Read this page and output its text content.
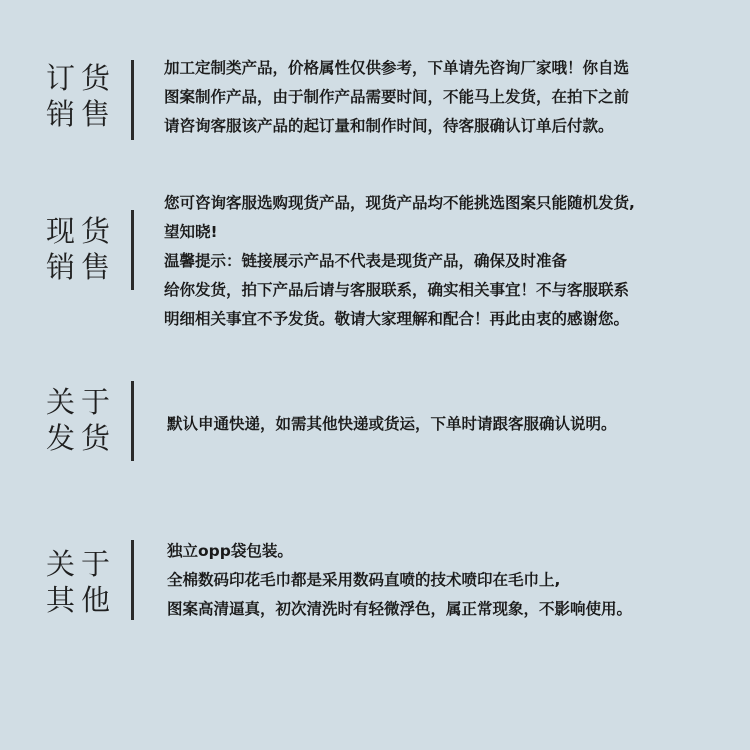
订货
销售

加工定制类产品，价格属性仅供参考，下单请先咨询厂家哦！你自选

图案制作产品，由于制作产品需要时间，不能马上发货，在拍下之前

请咨询客服该产品的起订量和制作时间，待客服确认订单后付款。

现货
销售

您可咨询客服选购现货产品，现货产品均不能挑选图案只能随机发货,

望知晓!

温馨提示：链接展示产品不代表是现货产品，确保及时准备

给你发货，拍下产品后请与客服联系，确实相关事宜！不与客服联系

明细相关事宜不予发货。敬请大家理解和配合！再此由衷的感谢您。

关于
发货	默认申通快递，如需其他快递或货运，下单时请跟客服确认说明。

关于
其他

独立opp袋包装。

全棉数码印花毛巾都是采用数码直喷的技术喷印在毛巾上,

图案高清逼真，初次清洗时有轻微浮色，属正常现象，不影响使用。
